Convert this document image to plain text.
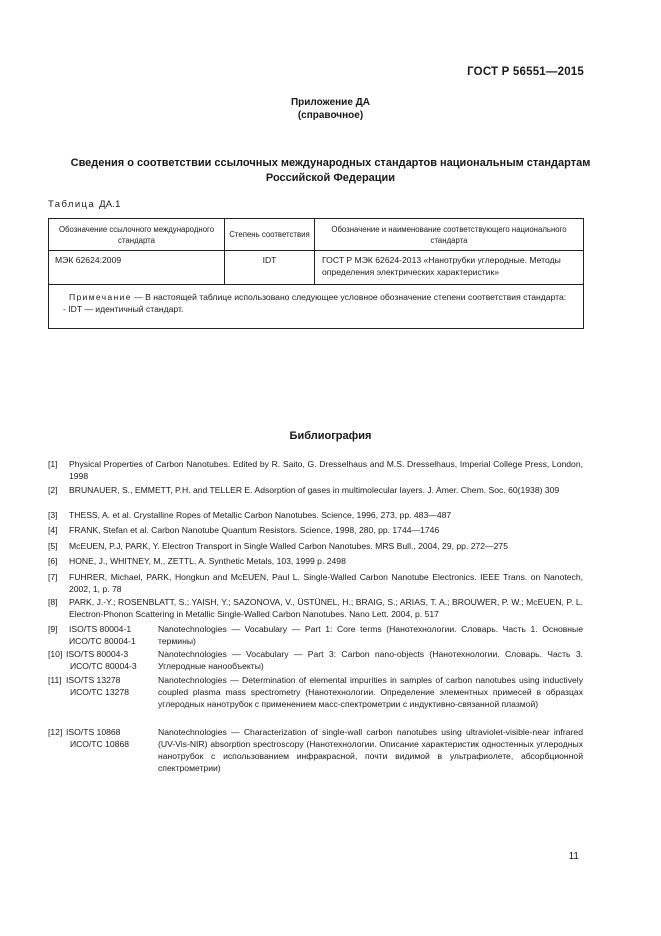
ГОСТ Р 56551—2015
Приложение ДА
(справочное)
Сведения о соответствии ссылочных международных стандартов национальным стандартам
Российской Федерации
Таблица ДА.1
Обозначение ссылочного международного стандарта	Степень соответствия	Обозначение и наименование соответствующего национального стандарта
МЭК 62624:2009	IDT	ГОСТ Р МЭК 62624-2013 «Нанотрубки углеродные. Методы определения электрических характеристик»

Примечание — В настоящей таблице использовано следующее условное обозначение степени соответствия стандарта:
- IDT — идентичный стандарт.		
Библиография
[1] Physical Properties of Carbon Nanotubes. Edited by R. Saito, G. Dresselhaus and M.S. Dresselhaus, Imperial College Press, London, 1998
[2] BRUNAUER, S., EMMETT, P.H. and TELLER E. Adsorption of gases in multimolecular layers. J. Amer. Chem. Soc. 60(1938) 309
[3] THESS, A. et al. Crystalline Ropes of Metallic Carbon Nanotubes. Science, 1996, 273, pp. 483—487
[4] FRANK, Stefan et al. Carbon Nanotube Quantum Resistors. Science, 1998, 280, pp. 1744—1746
[5] McEUEN, P.J, PARK, Y. Electron Transport in Single Walled Carbon Nanotubes. MRS Bull., 2004, 29, pp. 272—275
[6] HONE, J., WHITNEY, M., ZETTL, A. Synthetic Metals, 103, 1999 p. 2498
[7] FUHRER, Michael, PARK, Hongkun and McEUEN, Paul L. Single-Walled Carbon Nanotube Electronics. IEEE Trans. on Nanotech, 2002, 1, p. 78
[8] PARK, J.-Y.; ROSENBLATT, S.; YAISH, Y.; SAZONOVA, V., ÜSTÜNEL, H.; BRAIG, S.; ARIAS, T. A.; BROUWER, P. W.; McEUEN, P. L. Electron-Phonon Scattering in Metallic Single-Walled Carbon Nanotubes. Nano Lett. 2004, p. 517
[9] ISO/TS 80004-1
ИСО/ТС 80004-1
Nanotechnologies — Vocabulary — Part 1: Core terms (Нанотехнологии. Словарь. Часть 1. Основные термины)
[10] ISO/TS 80004-3
ИСО/ТС 80004-3
Nanotechnologies — Vocabulary — Part 3: Carbon nano-objects (Нанотехнологии. Словарь. Часть 3. Углеродные нанообъекты)
[11] ISO/TS 13278
ИСО/ТС 13278
Nanotechnologies — Determination of elemental impurities in samples of carbon nanotubes using inductively coupled plasma mass spectrometry (Нанотехнологии. Определение элементных примесей в образцах углеродных нанотрубок с применением масс-спектрометрии с индуктивно-связанной плазмой)
[12] ISO/TS 10868
ИСО/ТС 10868
Nanotechnologies — Characterization of single-wall carbon nanotubes using ultraviolet-visible-near infrared (UV-Vis-NIR) absorption spectroscopy (Нанотехнологии. Описание характеристик одностенных углеродных нанотрубок с использованием инфракрасной, почти видимой в ультрафиолете, абсорбционной спектрометрии)
11
